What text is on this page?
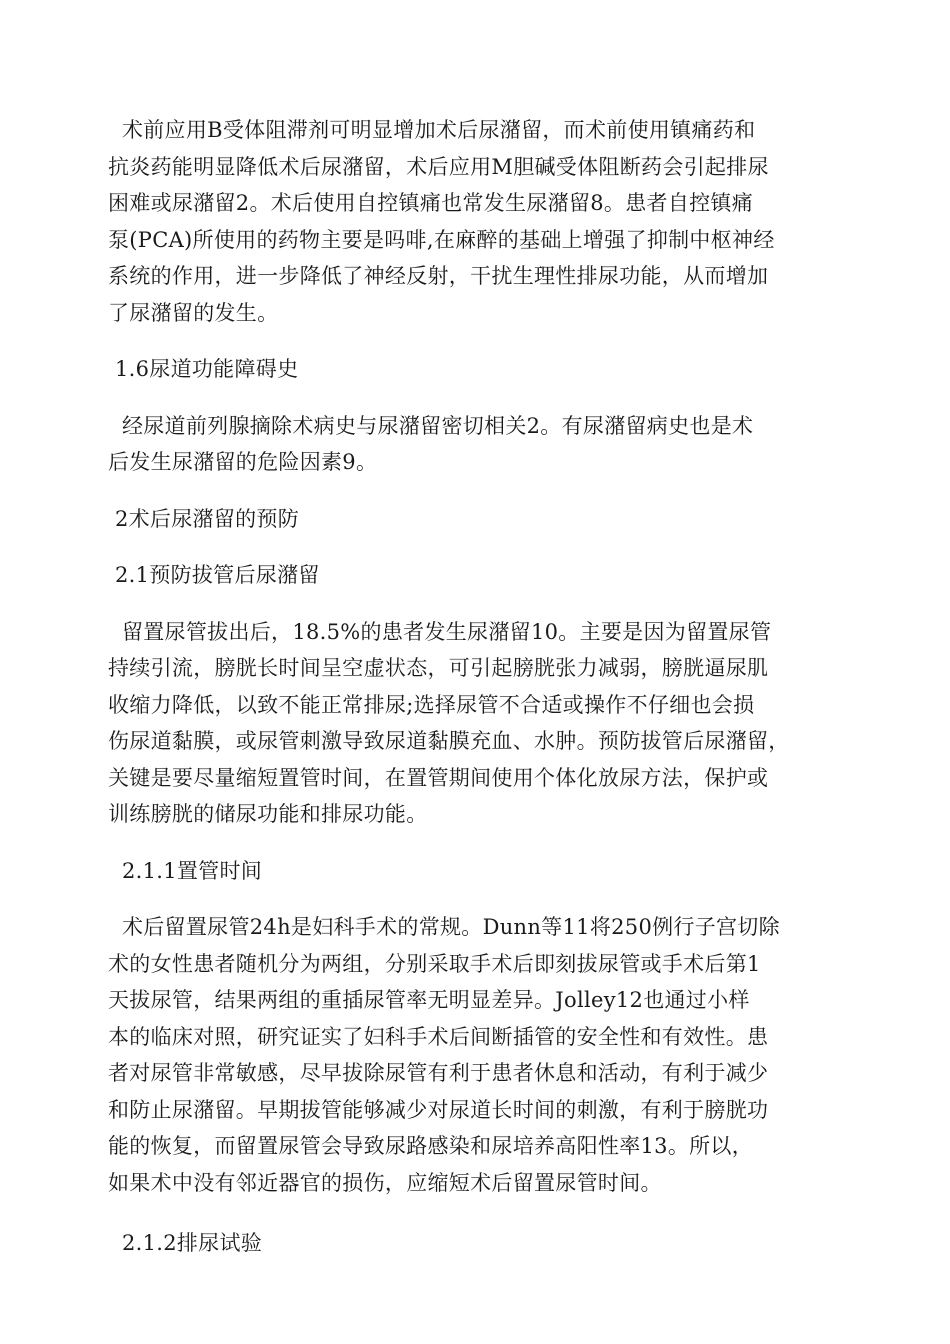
术前应用Β受体阻滞剂可明显增加术后尿潴留，而术前使用镇痛药和
抗炎药能明显降低术后尿潴留，术后应用Μ胆碱受体阻断药会引起排尿
困难或尿潴留2。术后使用自控镇痛也常发生尿潴留8。患者自控镇痛
泵(PCA)所使用的药物主要是吗啡,在麻醉的基础上增强了抑制中枢神经
系统的作用，进一步降低了神经反射，干扰生理性排尿功能，从而增加
了尿潴留的发生。
1.6尿道功能障碍史
经尿道前列腺摘除术病史与尿潴留密切相关2。有尿潴留病史也是术
后发生尿潴留的危险因素9。
2术后尿潴留的预防
2.1预防拔管后尿潴留
留置尿管拔出后，18.5%的患者发生尿潴留10。主要是因为留置尿管
持续引流，膀胱长时间呈空虚状态，可引起膀胱张力减弱，膀胱逼尿肌
收缩力降低，以致不能正常排尿;选择尿管不合适或操作不仔细也会损
伤尿道黏膜，或尿管刺激导致尿道黏膜充血、水肿。预防拔管后尿潴留，
关键是要尽量缩短置管时间，在置管期间使用个体化放尿方法，保护或
训练膀胱的储尿功能和排尿功能。
2.1.1置管时间
术后留置尿管24h是妇科手术的常规。Dunn等11将250例行子宫切除
术的女性患者随机分为两组，分别采取手术后即刻拔尿管或手术后第1
天拔尿管，结果两组的重插尿管率无明显差异。Jolley12也通过小样
本的临床对照，研究证实了妇科手术后间断插管的安全性和有效性。患
者对尿管非常敏感，尽早拔除尿管有利于患者休息和活动，有利于减少
和防止尿潴留。早期拔管能够减少对尿道长时间的刺激，有利于膀胱功
能的恢复，而留置尿管会导致尿路感染和尿培养高阳性率13。所以，
如果术中没有邻近器官的损伤，应缩短术后留置尿管时间。
2.1.2排尿试验
